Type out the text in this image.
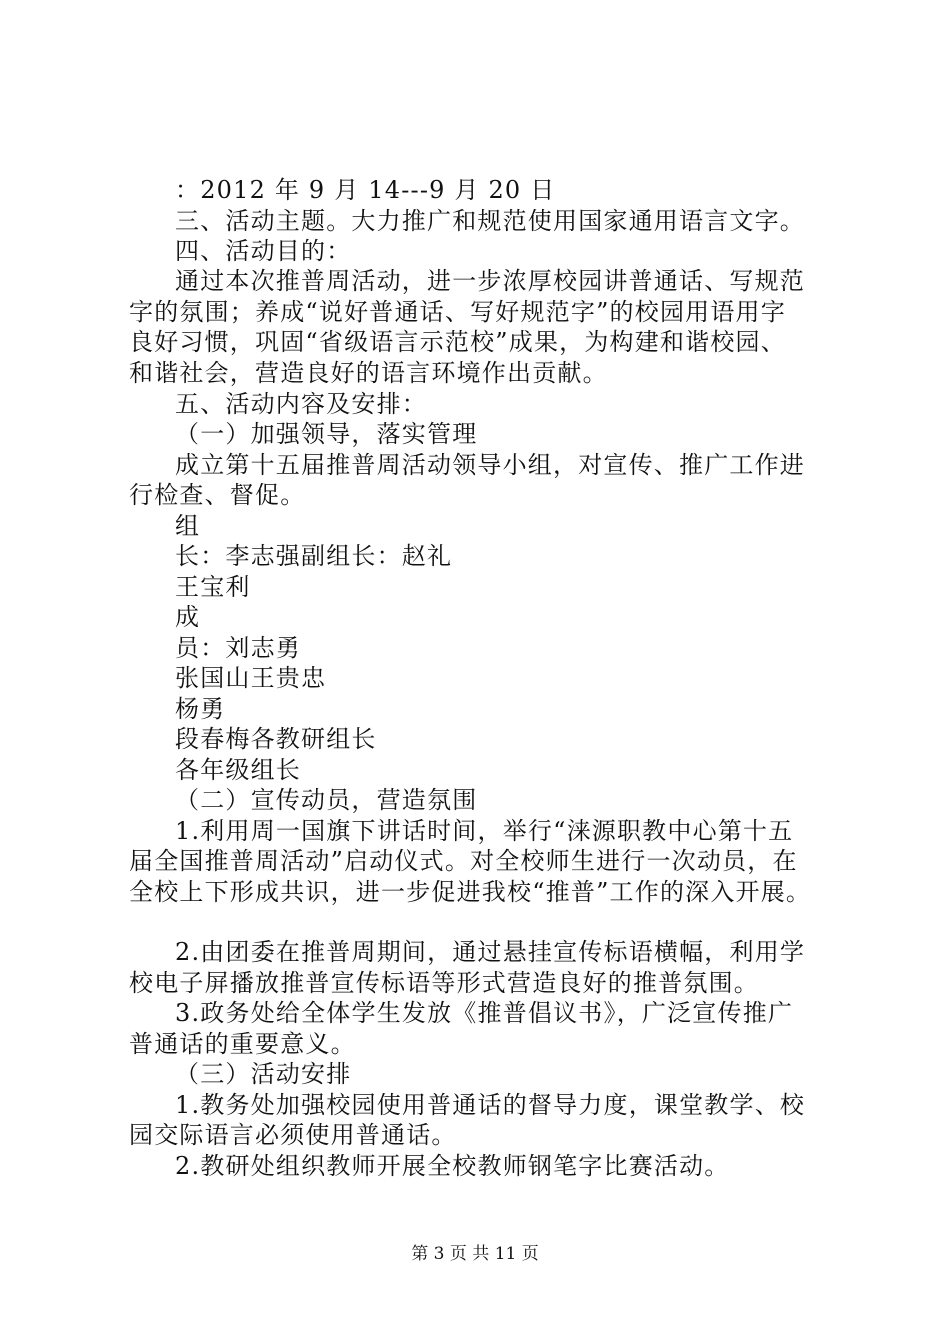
：2012 年 9 月 14---9 月 20 日
三、活动主题。大力推广和规范使用国家通用语言文字。
四、活动目的：
通过本次推普周活动，进一步浓厚校园讲普通话、写规范
字的氛围；养成“说好普通话、写好规范字”的校园用语用字
良好习惯，巩固“省级语言示范校”成果，为构建和谐校园、
和谐社会，营造良好的语言环境作出贡献。
五、活动内容及安排：
（一）加强领导，落实管理
成立第十五届推普周活动领导小组，对宣传、推广工作进
行检查、督促。
组
长：李志强副组长：赵礼
王宝利
成
员：刘志勇
张国山王贵忠
杨勇
段春梅各教研组长
各年级组长
（二）宣传动员，营造氛围
1.利用周一国旗下讲话时间，举行“涞源职教中心第十五
届全国推普周活动”启动仪式。对全校师生进行一次动员，在
全校上下形成共识，进一步促进我校“推普”工作的深入开展。
2.由团委在推普周期间，通过悬挂宣传标语横幅，利用学
校电子屏播放推普宣传标语等形式营造良好的推普氛围。
3.政务处给全体学生发放《推普倡议书》，广泛宣传推广
普通话的重要意义。
（三）活动安排
1.教务处加强校园使用普通话的督导力度，课堂教学、校
园交际语言必须使用普通话。
2.教研处组织教师开展全校教师钢笔字比赛活动。
第 3 页 共 11 页
